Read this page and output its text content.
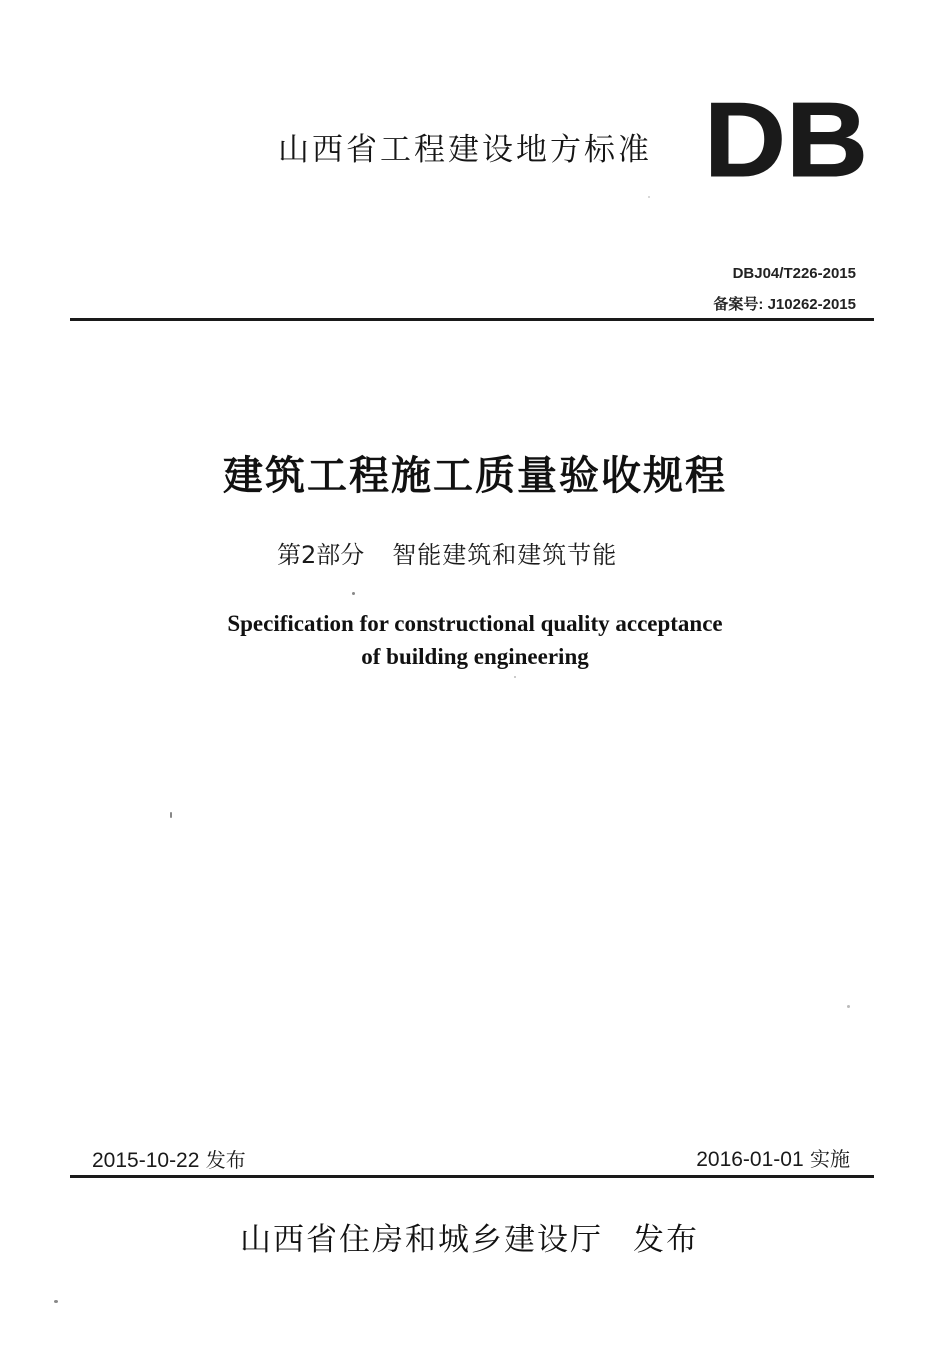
山西省工程建设地方标准 DB
DBJ04/T226-2015
备案号: J10262-2015
建筑工程施工质量验收规程
第2部分 智能建筑和建筑节能
Specification for constructional quality acceptance
of building engineering
2015-10-22 发布	2016-01-01 实施
山西省住房和城乡建设厅 发布
